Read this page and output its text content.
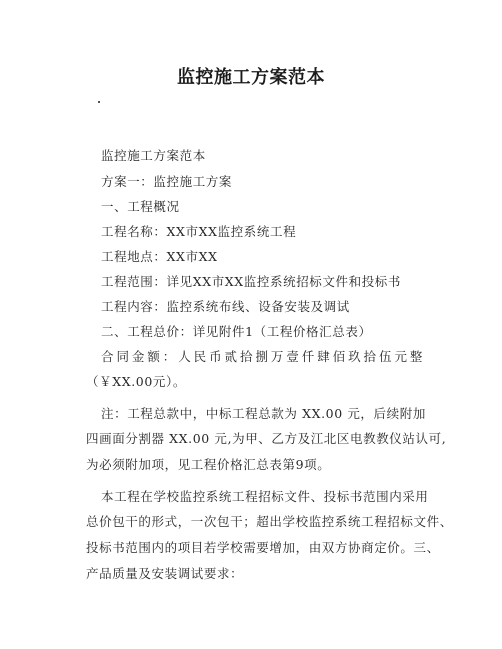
监控施工方案范本
监控施工方案范本
方案一：监控施工方案
一、工程概况
工程名称：XX市XX监控系统工程
工程地点：XX市XX
工程范围：详见XX市XX监控系统招标文件和投标书
工程内容：监控系统布线、设备安装及调试
二、工程总价：详见附件1（工程价格汇总表）
合同金额：人民币贰拾捌万壹仟肆佰玖拾伍元整
（￥XX.00元）。
注：工程总款中，中标工程总款为 XX.00 元，后续附加
四画面分割器 XX.00 元,为甲、乙方及江北区电教教仪站认可,
为必须附加项，见工程价格汇总表第9项。
本工程在学校监控系统工程招标文件、投标书范围内采用
总价包干的形式，一次包干；超出学校监控系统工程招标文件、
投标书范围内的项目若学校需要增加，由双方协商定价。三、
产品质量及安装调试要求：
